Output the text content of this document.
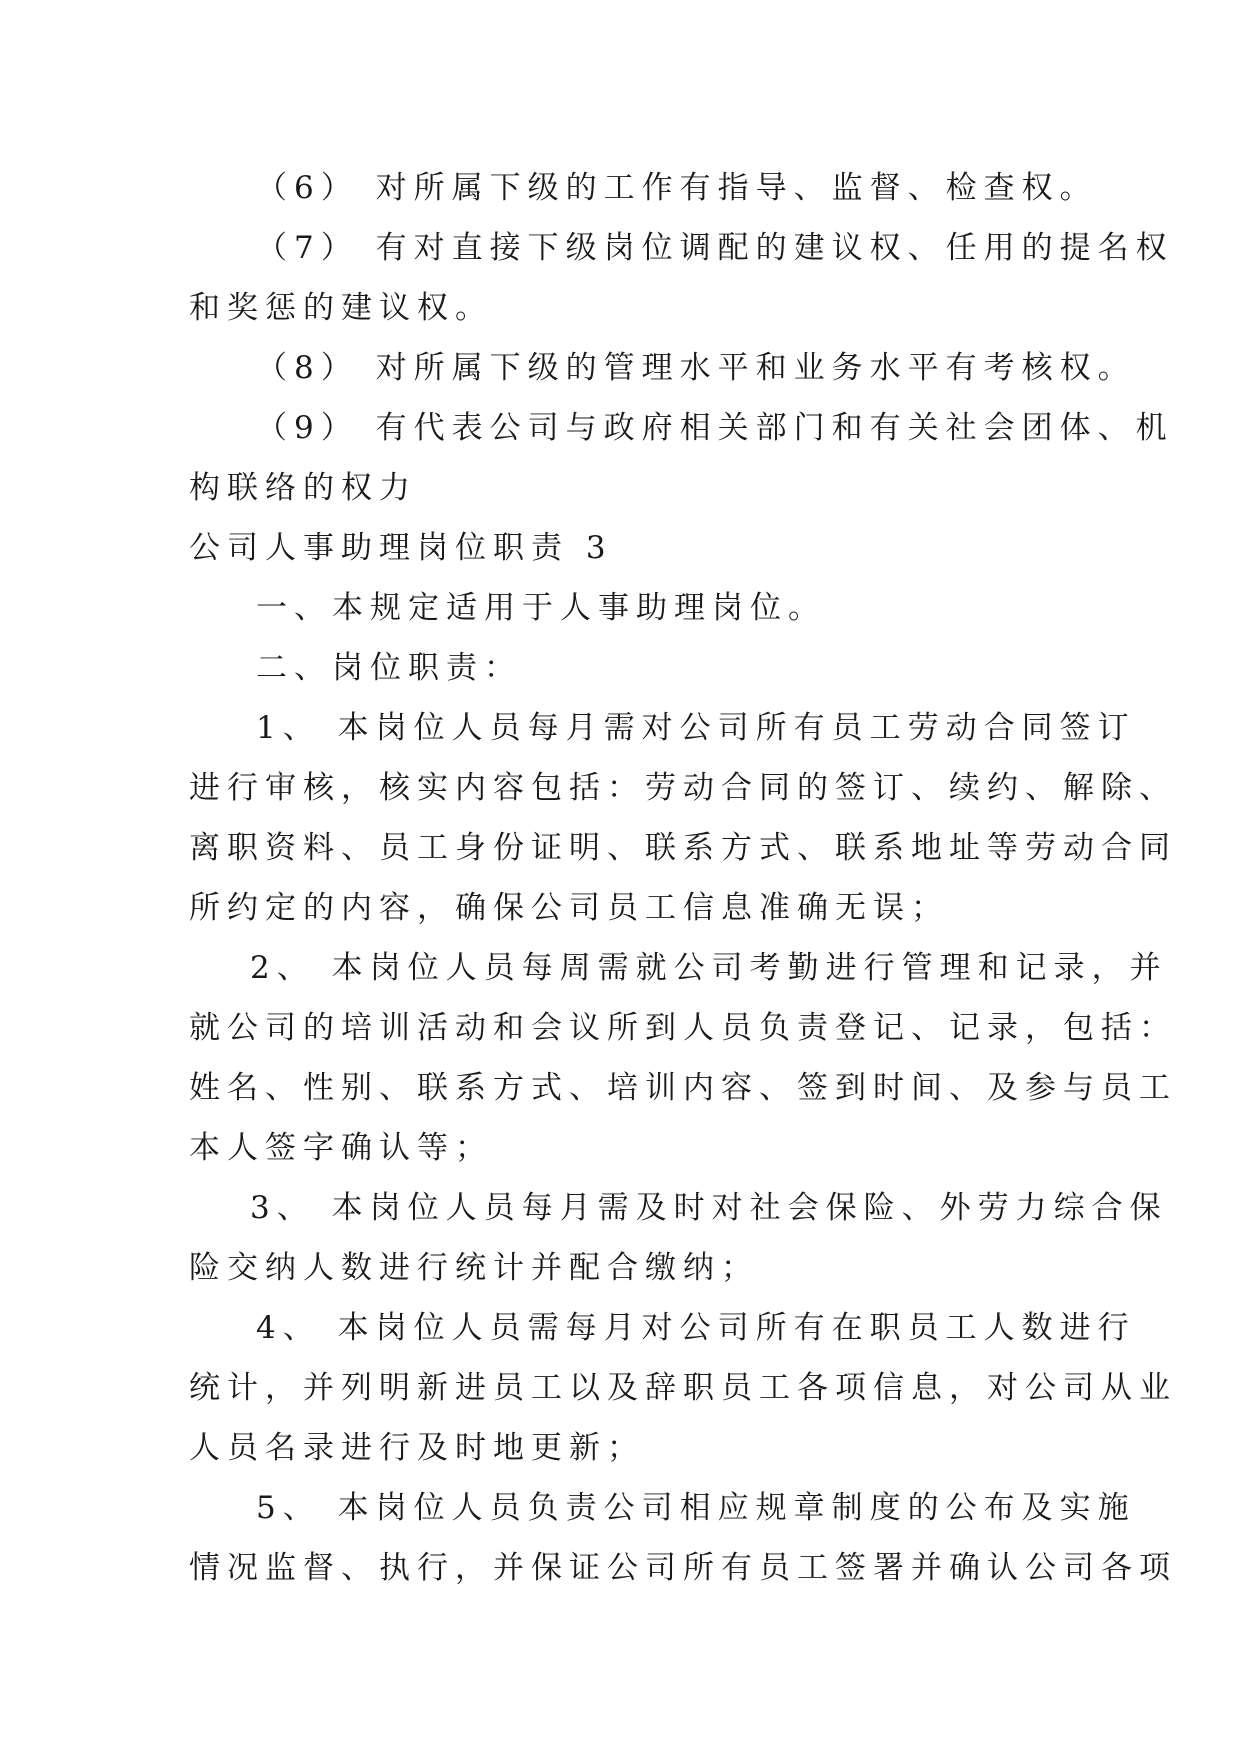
（6） 对所属下级的工作有指导、监督、检查权。
（7） 有对直接下级岗位调配的建议权、任用的提名权
和奖惩的建议权。
（8） 对所属下级的管理水平和业务水平有考核权。
（9） 有代表公司与政府相关部门和有关社会团体、机
构联络的权力
公司人事助理岗位职责 3
一、本规定适用于人事助理岗位。
二、岗位职责：
1、 本岗位人员每月需对公司所有员工劳动合同签订
进行审核，核实内容包括：劳动合同的签订、续约、解除、
离职资料、员工身份证明、联系方式、联系地址等劳动合同
所约定的内容，确保公司员工信息准确无误；
2、 本岗位人员每周需就公司考勤进行管理和记录，并
就公司的培训活动和会议所到人员负责登记、记录，包括：
姓名、性别、联系方式、培训内容、签到时间、及参与员工
本人签字确认等；
3、 本岗位人员每月需及时对社会保险、外劳力综合保
险交纳人数进行统计并配合缴纳；
4、 本岗位人员需每月对公司所有在职员工人数进行
统计，并列明新进员工以及辞职员工各项信息，对公司从业
人员名录进行及时地更新；
5、 本岗位人员负责公司相应规章制度的公布及实施
情况监督、执行，并保证公司所有员工签署并确认公司各项
